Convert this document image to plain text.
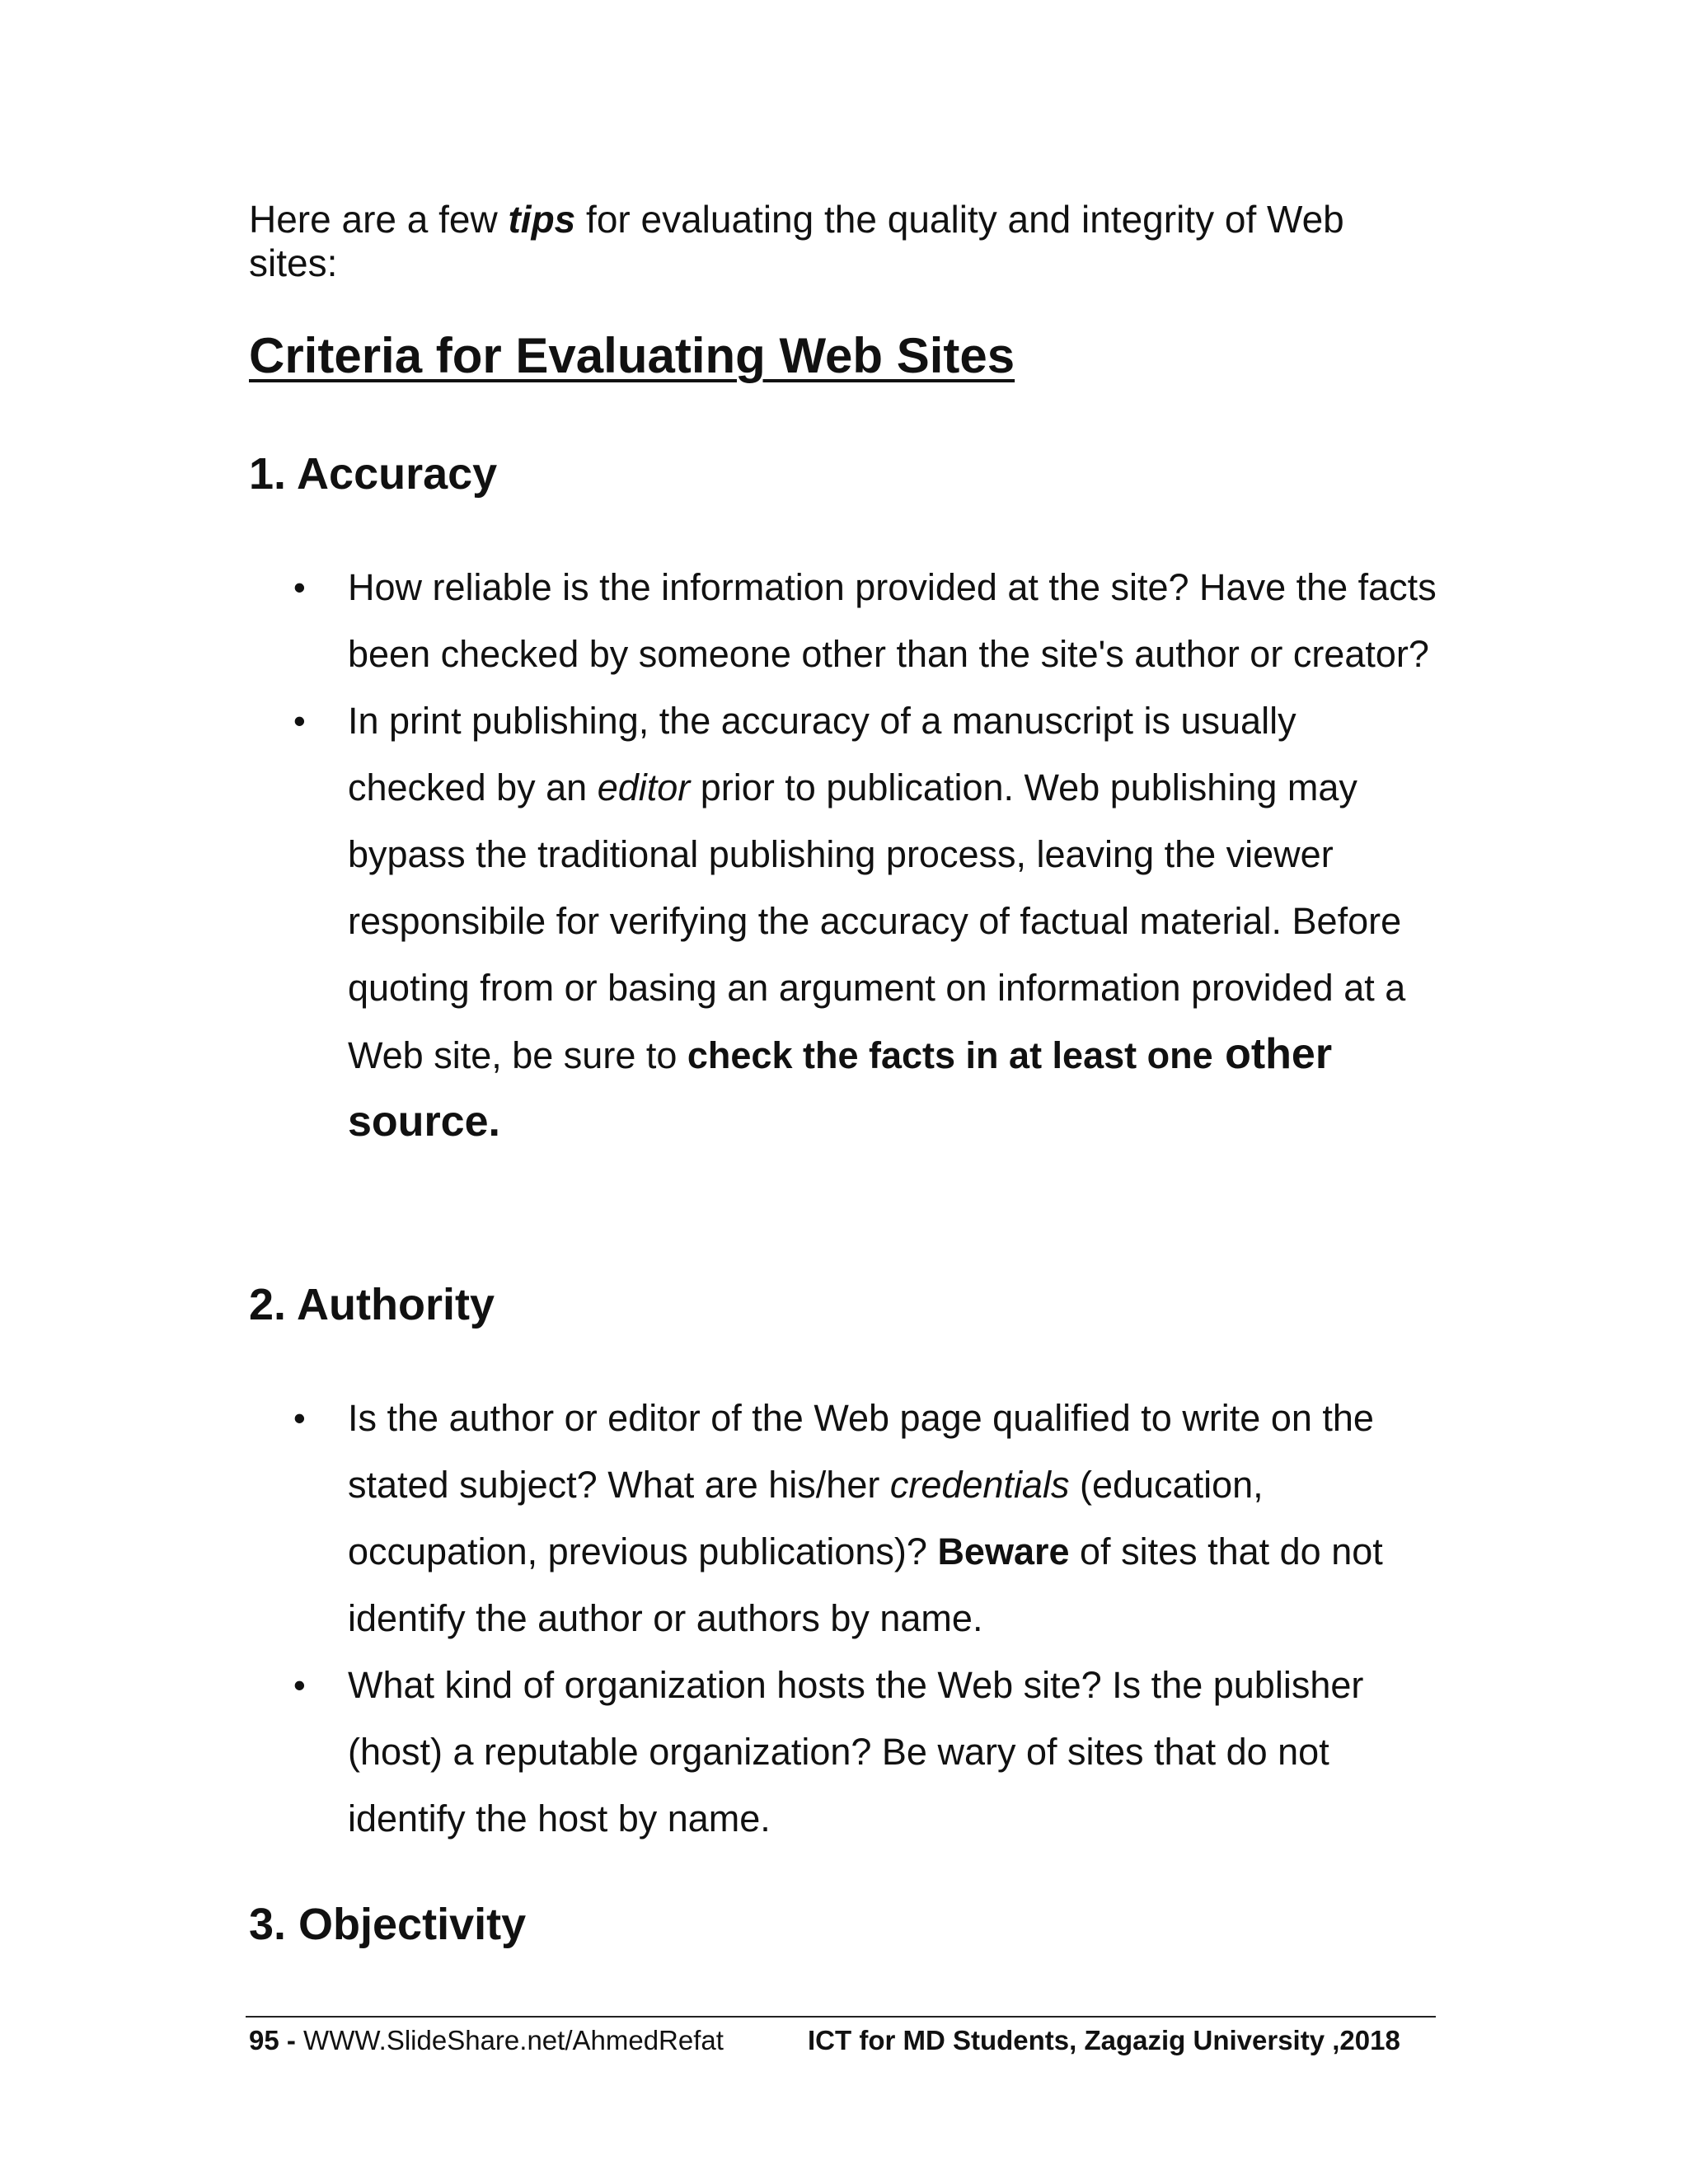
Here are a few tips for evaluating the quality and integrity of Web sites:

Criteria for Evaluating Web Sites
1. Accuracy
• How reliable is the information provided at the site? Have the facts been checked by someone other than the site's author or creator?
• In print publishing, the accuracy of a manuscript is usually checked by an editor prior to publication. Web publishing may bypass the traditional publishing process, leaving the viewer responsibile for verifying the accuracy of factual material. Before quoting from or basing an argument on information provided at a Web site, be sure to check the facts in at least one other source.
2. Authority
• Is the author or editor of the Web page qualified to write on the stated subject? What are his/her credentials (education, occupation, previous publications)? Beware of sites that do not identify the author or authors by name.
• What kind of organization hosts the Web site? Is the publisher (host) a reputable organization? Be wary of sites that do not identify the host by name.
3. Objectivity
95 - WWW.SlideShare.net/AhmedRefat	ICT for MD Students, Zagazig University ,2018
